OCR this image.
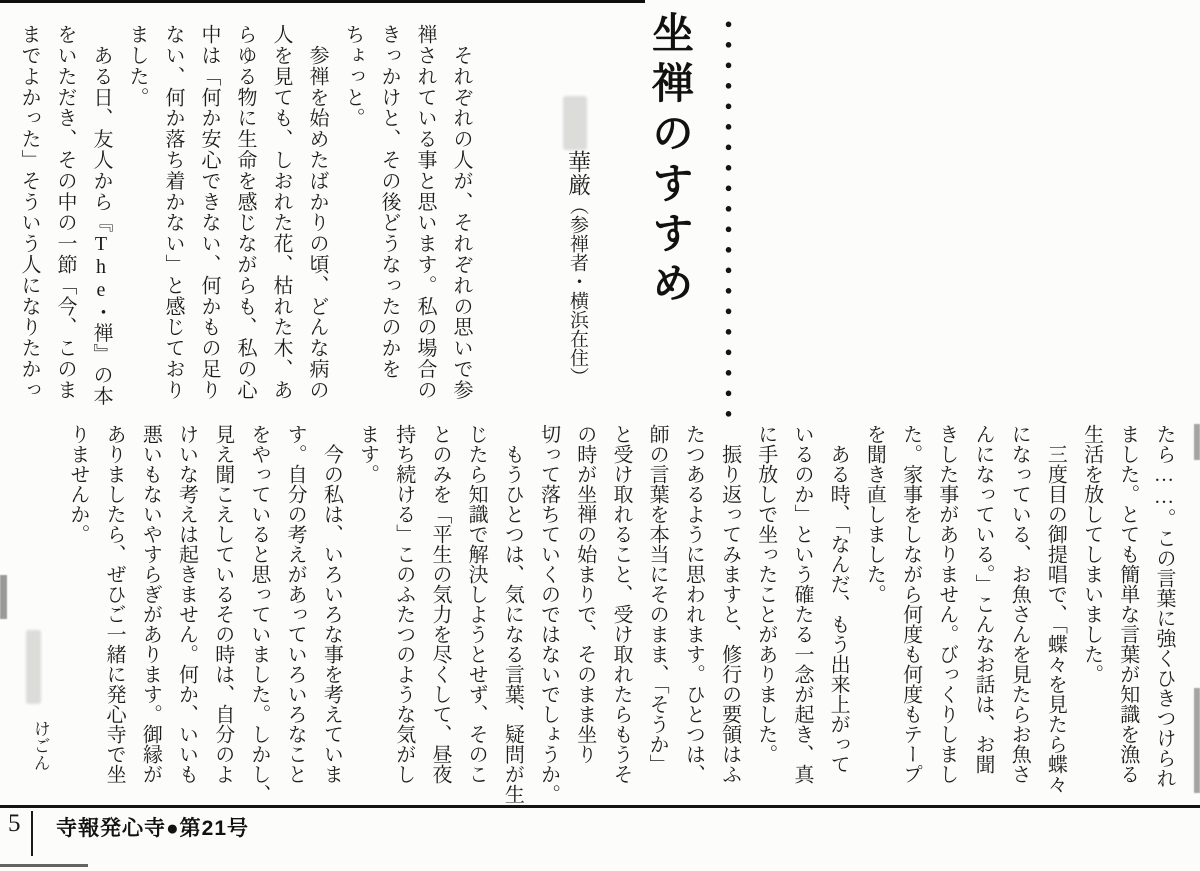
●●●●●●●●●●●●●●●●●●●●
坐禅のすすめ
華厳（参禅者・横浜在住）
　それぞれの人が、それぞれの思いで参
禅されている事と思います。私の場合の
きっかけと、その後どうなったのかを
ちょっと。
　参禅を始めたばかりの頃、どんな病の
人を見ても、しおれた花、枯れた木、あ
らゆる物に生命を感じながらも、私の心
中は「何か安心できない、何かもの足り
ない、何か落ち着かない」と感じており
ました。
　ある日、友人から『The・禅』の本
をいただき、その中の一節「今、このま
までよかった」そういう人になりたかっ
たら……。この言葉に強くひきつけられ
ました。とても簡単な言葉が知識を漁る
生活を放してしまいました。
　三度目の御提唱で、「蝶々を見たら蝶々
になっている、お魚さんを見たらお魚さ
んになっている。」こんなお話は、お聞
きした事がありません。びっくりしまし
た。家事をしながら何度も何度もテープ
を聞き直しました。
　ある時、「なんだ、もう出来上がって
いるのか」という確たる一念が起き、真
に手放しで坐ったことがありました。
　振り返ってみますと、修行の要領はふ
たつあるように思われます。ひとつは、
師の言葉を本当にそのまま、「そうか」
と受け取れること、受け取れたらもうそ
の時が坐禅の始まりで、そのまま坐り
切って落ちていくのではないでしょうか。
　もうひとつは、気になる言葉、疑問が生
じたら知識で解決しようとせず、そのこ
とのみを「平生の気力を尽くして、昼夜
持ち続ける」このふたつのような気がし
ます。
　今の私は、いろいろな事を考えていま
す。自分の考えがあっていろいろなこと
をやっていると思っていました。しかし、
見え聞こえしているその時は、自分のよ
けいな考えは起きません。何か、いいも
悪いもないやすらぎがあります。御縁が
ありましたら、ぜひご一緒に発心寺で坐
りませんか。
けごん
5 寺報発心寺●第21号
